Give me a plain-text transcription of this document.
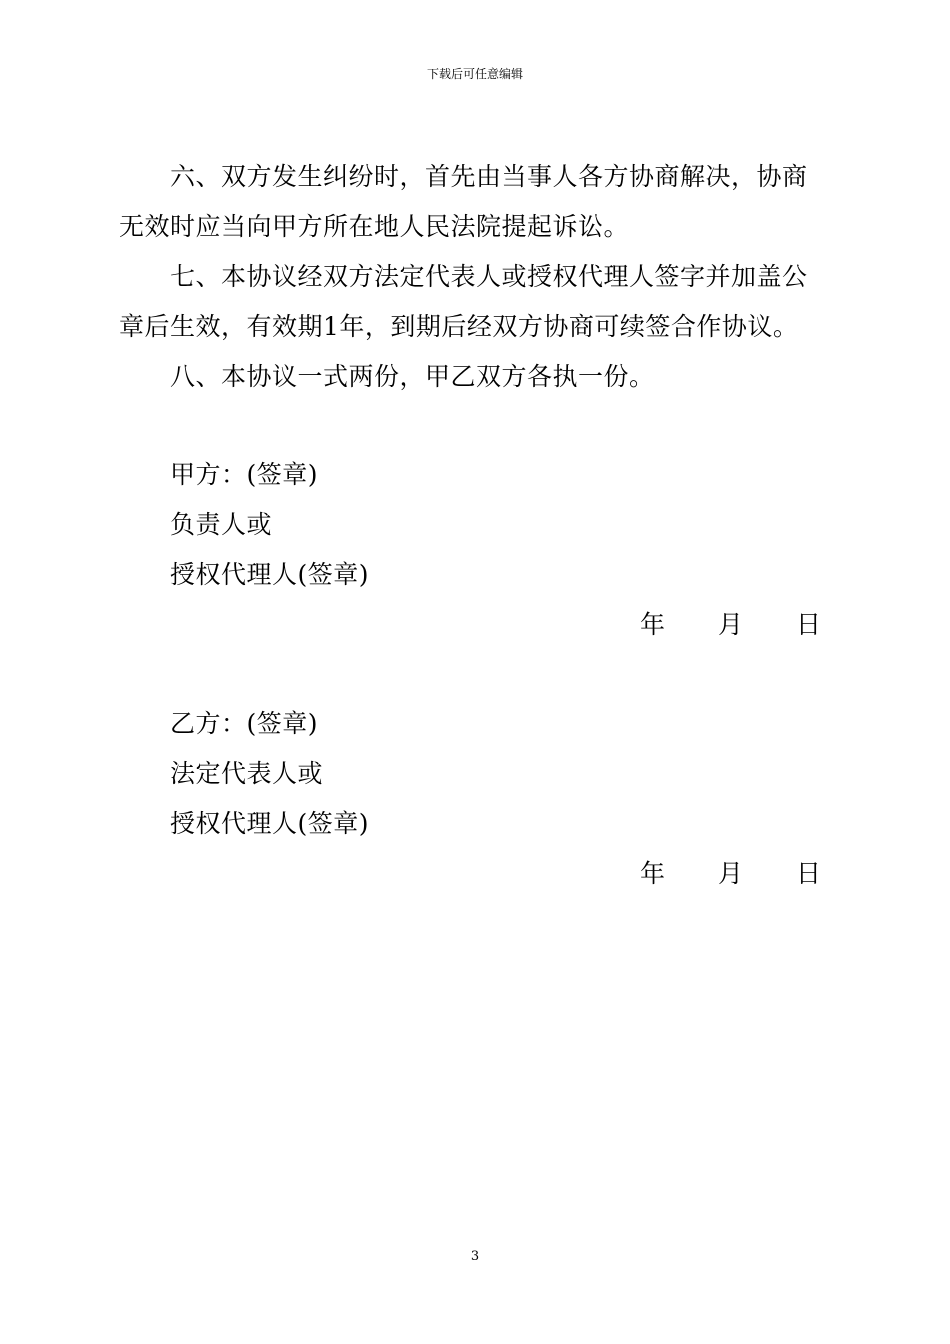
下载后可任意编辑
六、双方发生纠纷时，首先由当事人各方协商解决，协商
无效时应当向甲方所在地人民法院提起诉讼。
七、本协议经双方法定代表人或授权代理人签字并加盖公
章后生效，有效期1年，到期后经双方协商可续签合作协议。
八、本协议一式两份，甲乙双方各执一份。
甲方：(签章)
负责人或
授权代理人(签章)
年 月 日
乙方：(签章)
法定代表人或
授权代理人(签章)
年 月 日
3
